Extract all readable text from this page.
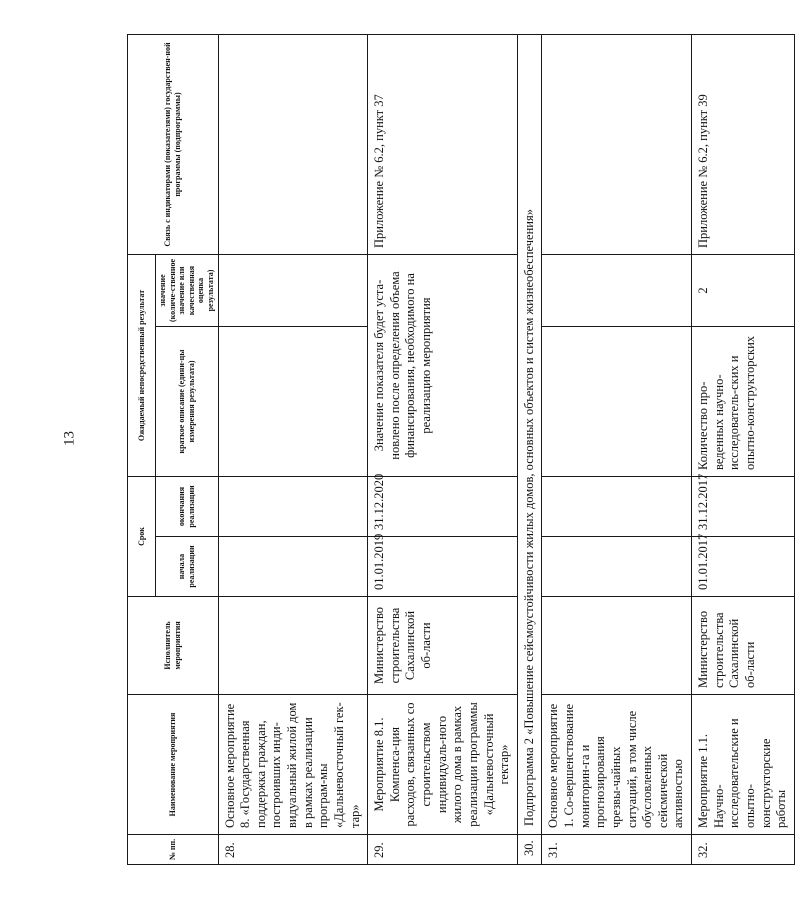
13
№ пп.	Наименование мероприятия	Исполнитель мероприятия	Срок		Ожидаемый непосредственный результат		Связь с индикаторами (показателями) государствен-ной программы (подпрограммы)
			начала реализации	окончания реализации	краткое описание (едини-цы измерения результата)	значение (количе-ственное значение или качественная оценка результата)	
28.	Основное мероприятие 8. «Государственная поддержка граждан, построивших инди-видуальный жилой дом в рамках реализации програм-мы «Дальневосточный гек-тар»						
29.	Мероприятие 8.1. Компенса-ция расходов, связанных со строительством индивидуаль-ного жилого дома в рамках реализации программы «Дальневосточный гектар»	Министерство строительства Сахалинской об-ласти	01.01.2019	31.12.2020	Значение показателя будет уста-новлено после определения объема финансирования, необходимого на реализацию мероприятия		Приложение № 6.2, пункт 37
30.	Подпрограмма 2 «Повышение сейсмоустойчивости жилых домов, основных объектов и систем жизнеобеспечения»						
31.	Основное мероприятие 1. Со-вершенствование мониторин-га и прогнозирования чрезвы-чайных ситуаций, в том числе обусловленных сейсмической активностью						
32.	Мероприятие 1.1. Научно-исследовательские и опытно-конструкторские работы	Министерство строительства Сахалинской об-ласти	01.01.2017	31.12.2017	Количество про-веденных научно-исследователь-ских и опытно-конструкторских	2	Приложение № 6.2, пункт 39
